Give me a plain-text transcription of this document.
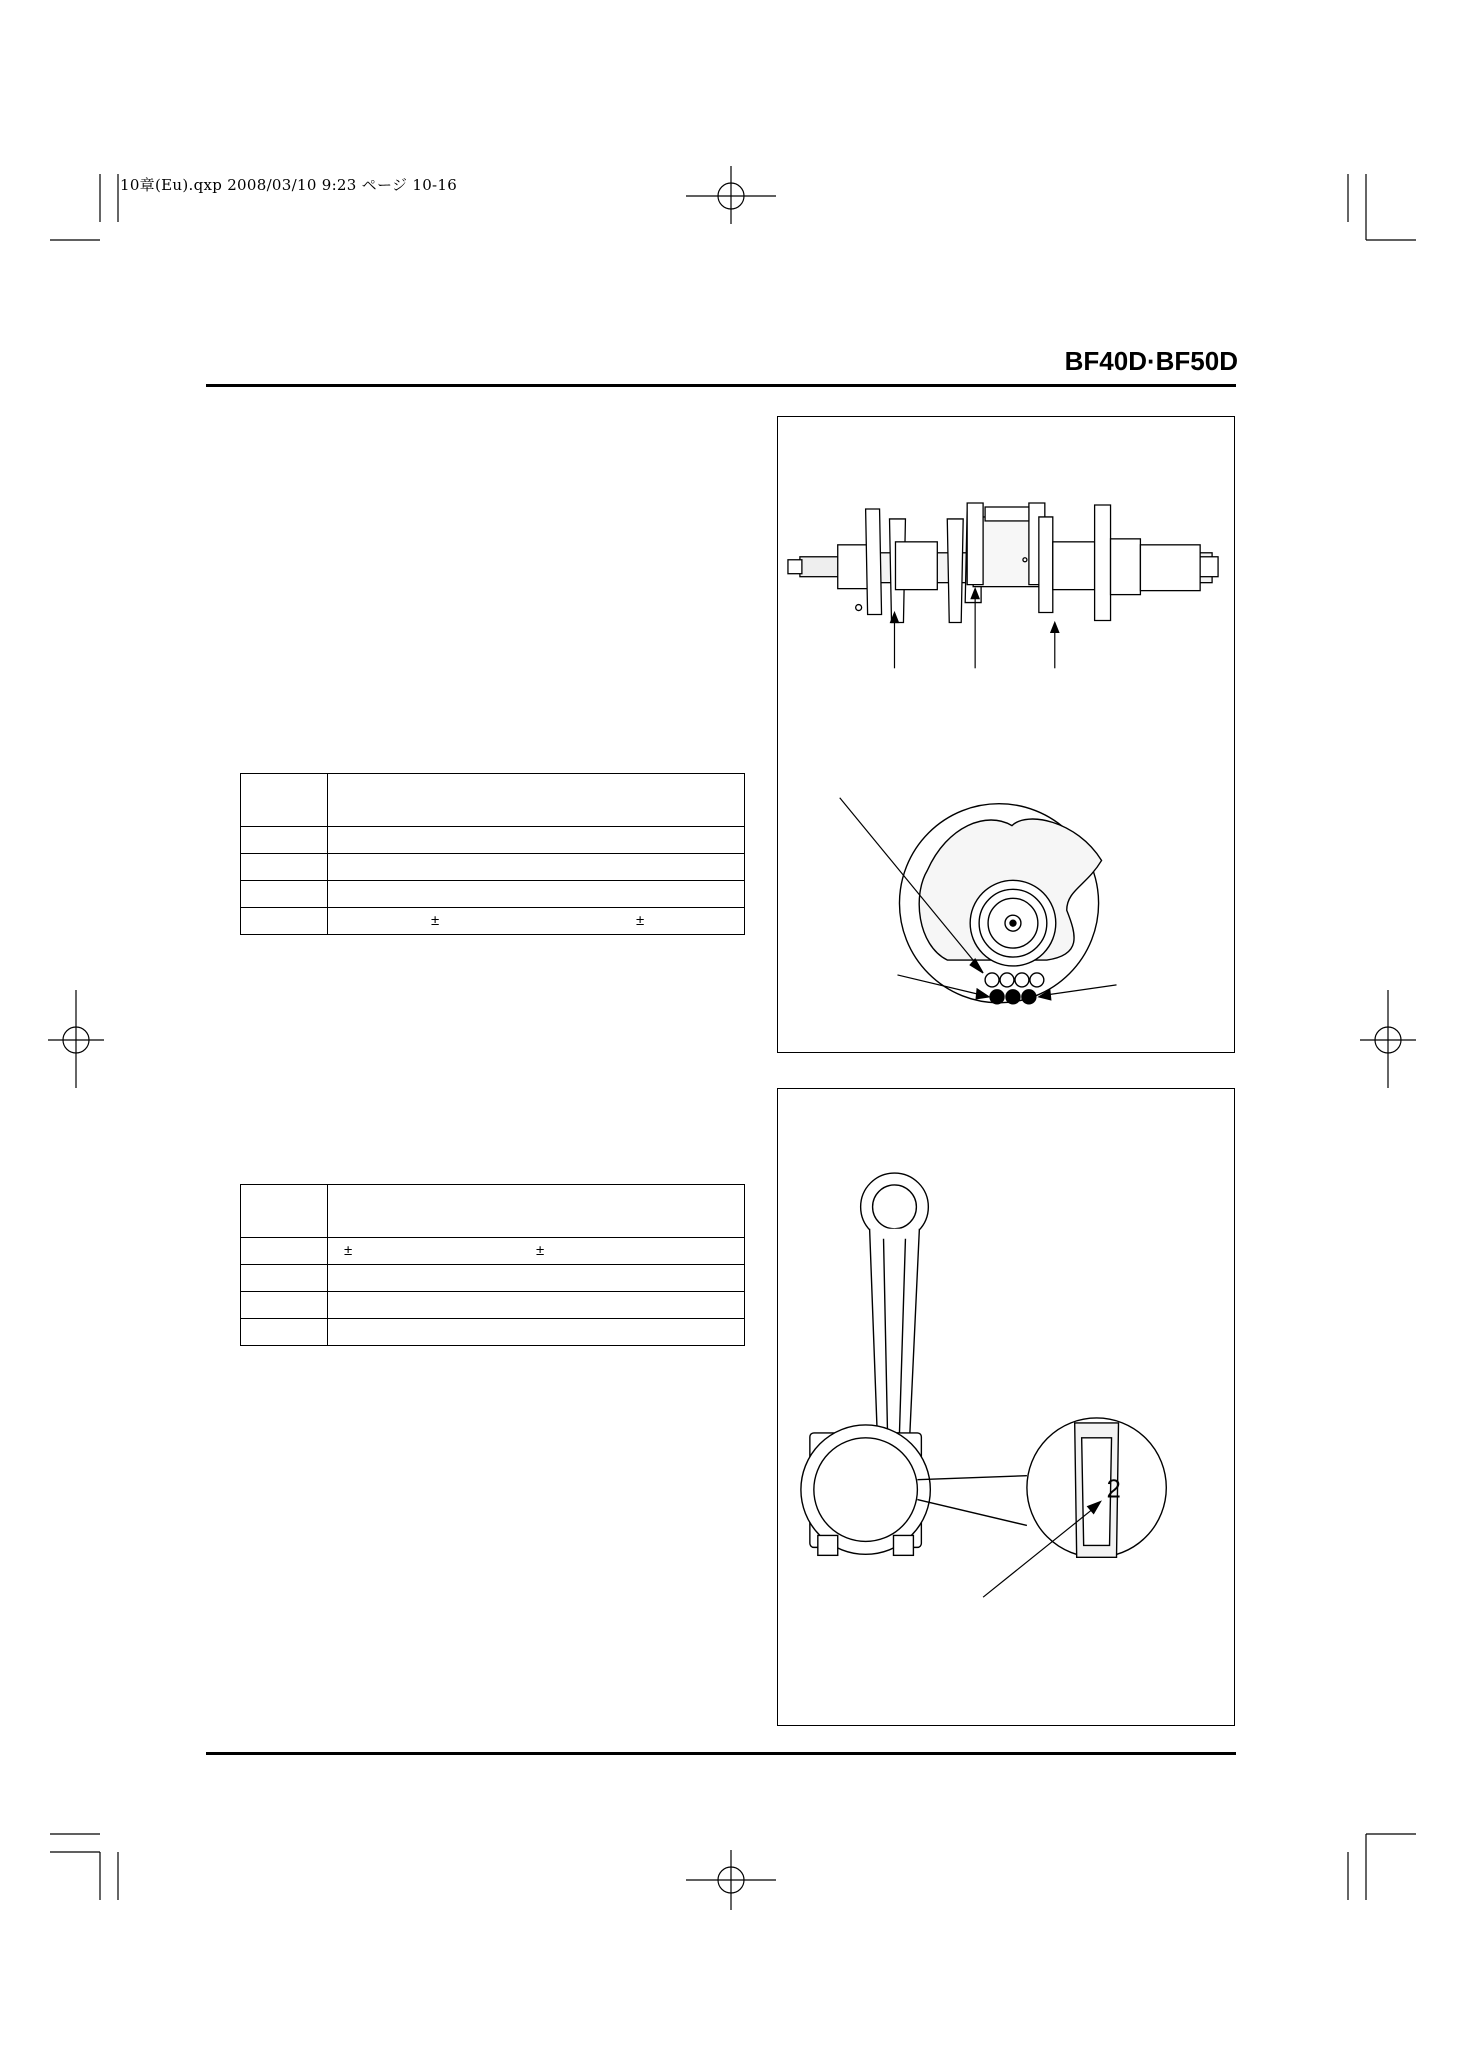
10章(Eu).qxp 2008/03/10 9:23 ページ 10-16
BF40D·BF50D

	± ±

	± ±

2
